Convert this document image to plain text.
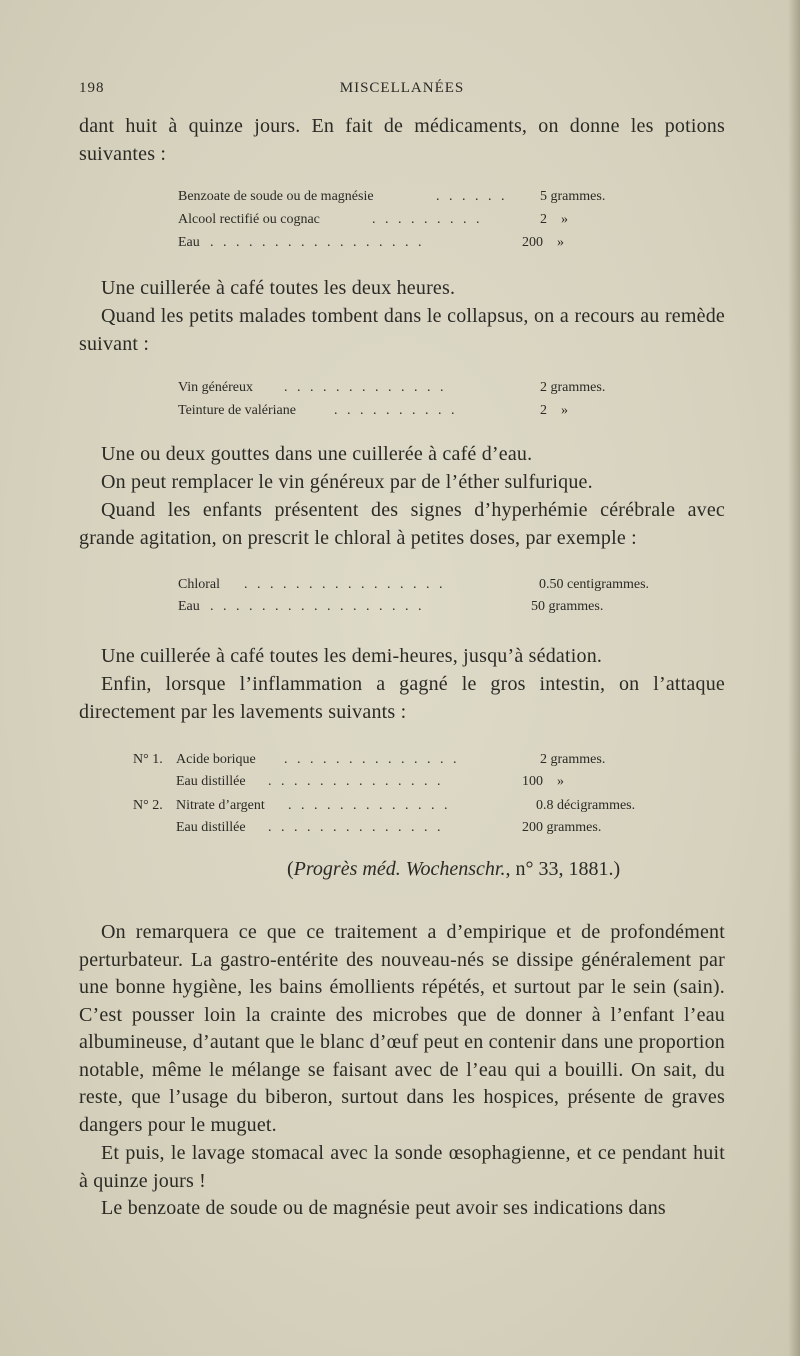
198	MISCELLANÉES

dant huit à quinze jours. En fait de médicaments, on donne les potions suivantes :

Benzoate de soude ou de magnésie	. . . . . .	5 grammes.
Alcool rectifié ou cognac	. . . . . . . . .	2    »
Eau . . . . . . . . . . . . . . . . .	200    »

Une cuillerée à café toutes les deux heures.

Quand les petits malades tombent dans le collapsus, on a recours au remède suivant :

Vin généreux . . . . . . . . . . . . .	2 grammes.
Teinture de valériane	. . . . . . . . . .	2    »

Une ou deux gouttes dans une cuillerée à café d’eau.

On peut remplacer le vin généreux par de l’éther sulfurique.

Quand les enfants présentent des signes d’hyperhémie cérébrale avec grande agitation, on prescrit le chloral à petites doses, par exemple :

Chloral . . . . . . . . . . . . . . . .	0.50 centigrammes.
Eau . . . . . . . . . . . . . . . . .	50 grammes.

Une cuillerée à café toutes les demi-heures, jusqu’à sédation.

Enfin, lorsque l’inflammation a gagné le gros intestin, on l’attaque directement par les lavements suivants :

N° 1. Acide borique . . . . . . . . . . . . . .	2 grammes.
Eau distillée . . . . . . . . . . . . . .	100    »
N° 2. Nitrate d’argent . . . . . . . . . . . . .	0.8 décigrammes.
Eau distillée . . . . . . . . . . . . . .	200 grammes.
(Progrès méd. Wochenschr., n° 33, 1881.)

On remarquera ce que ce traitement a d’empirique et de profondément perturbateur. La gastro-entérite des nouveau-nés se dissipe généralement par une bonne hygiène, les bains émollients répétés, et surtout par le sein (sain). C’est pousser loin la crainte des microbes que de donner à l’enfant l’eau albumineuse, d’autant que le blanc d’œuf peut en contenir dans une proportion notable, même le mélange se faisant avec de l’eau qui a bouilli. On sait, du reste, que l’usage du biberon, surtout dans les hospices, présente de graves dangers pour le muguet.

Et puis, le lavage stomacal avec la sonde œsophagienne, et ce pendant huit à quinze jours !

Le benzoate de soude ou de magnésie peut avoir ses indications dans
